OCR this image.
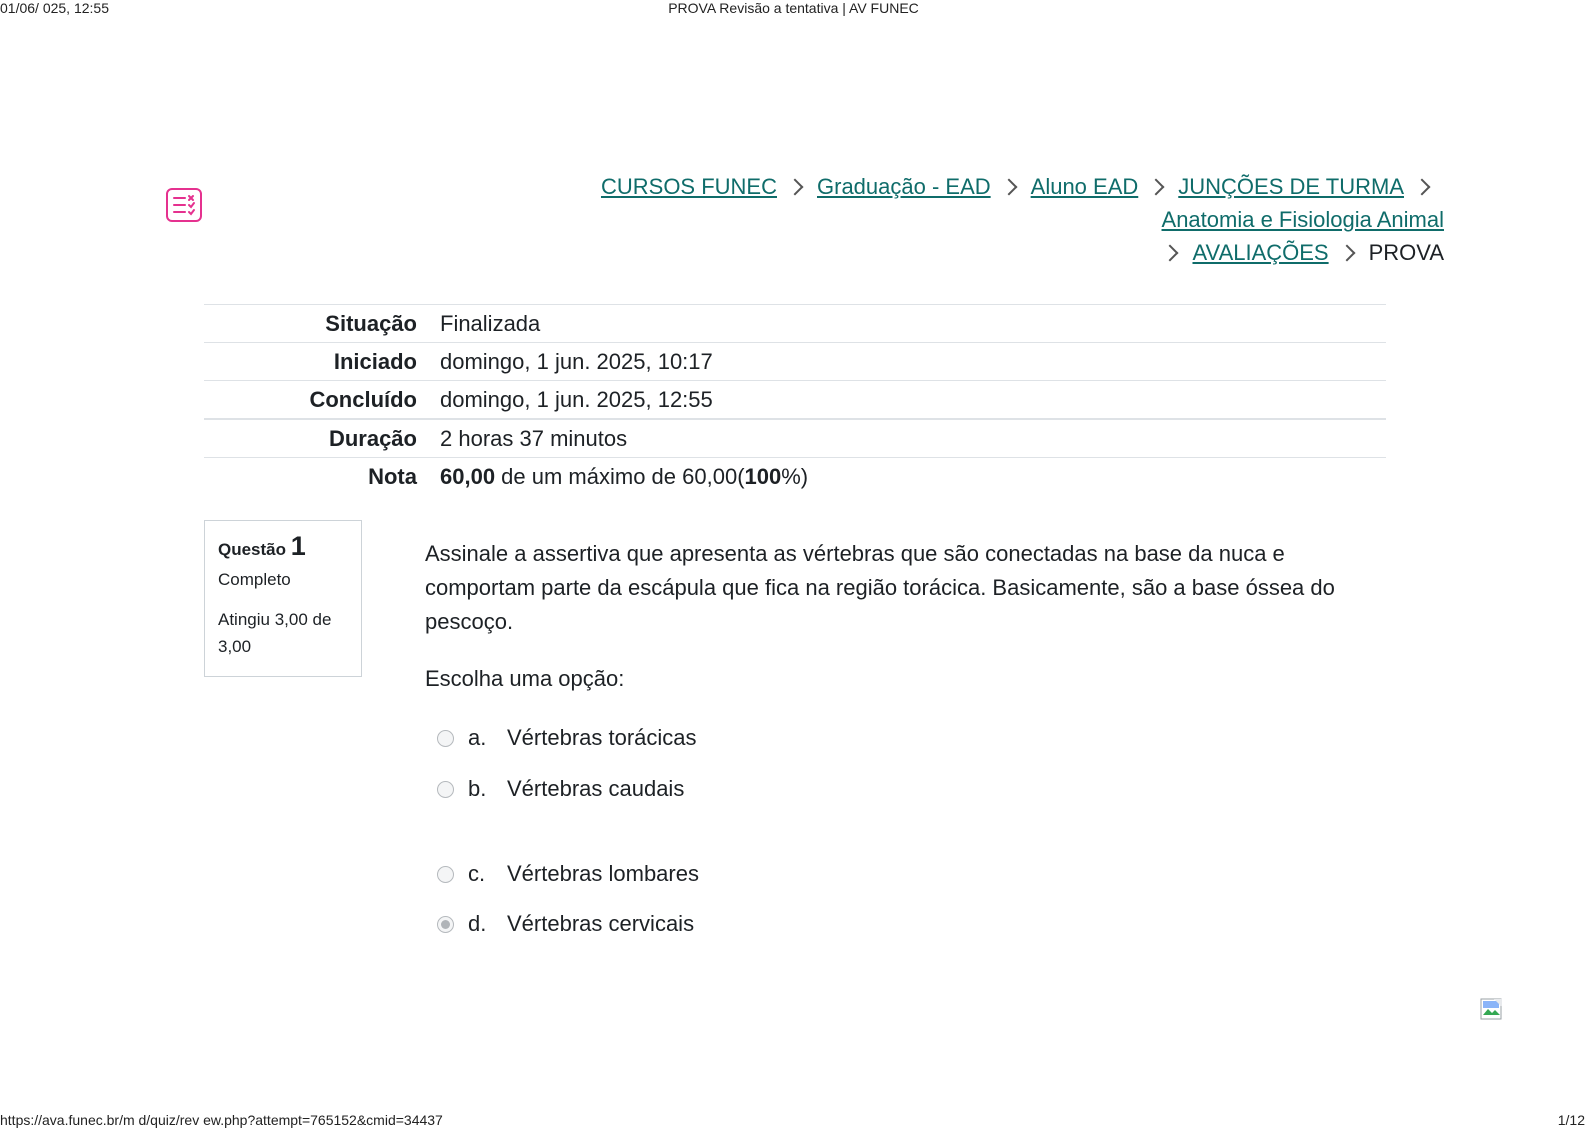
01/06/ 025, 12:55	PROVA Revisão a tentativa | AV FUNEC
CURSOS FUNEC Graduação - EAD Aluno EAD JUNÇÕES DE TURMAAnatomia e Fisiologia Animal
AVALIAÇÕES PROVA
Situação	Finalizada
Iniciado	domingo, 1 jun. 2025, 10:17
Concluído	domingo, 1 jun. 2025, 12:55
Duração	2 horas 37 minutos
Nota	60,00 de um máximo de 60,00(100%)
Questão 1
Completo
Atingiu 3,00 de 3,00
Assinale a assertiva que apresenta as vértebras que são conectadas na base da nuca e comportam parte da escápula que fica na região torácica. Basicamente, são a base óssea do pescoço.
Escolha uma opção:
a. Vértebras torácicas
b. Vértebras caudais
c. Vértebras lombares
d. Vértebras cervicais
https://ava.funec.br/m d/quiz/rev ew.php?attempt=765152&cmid=34437	1/12
